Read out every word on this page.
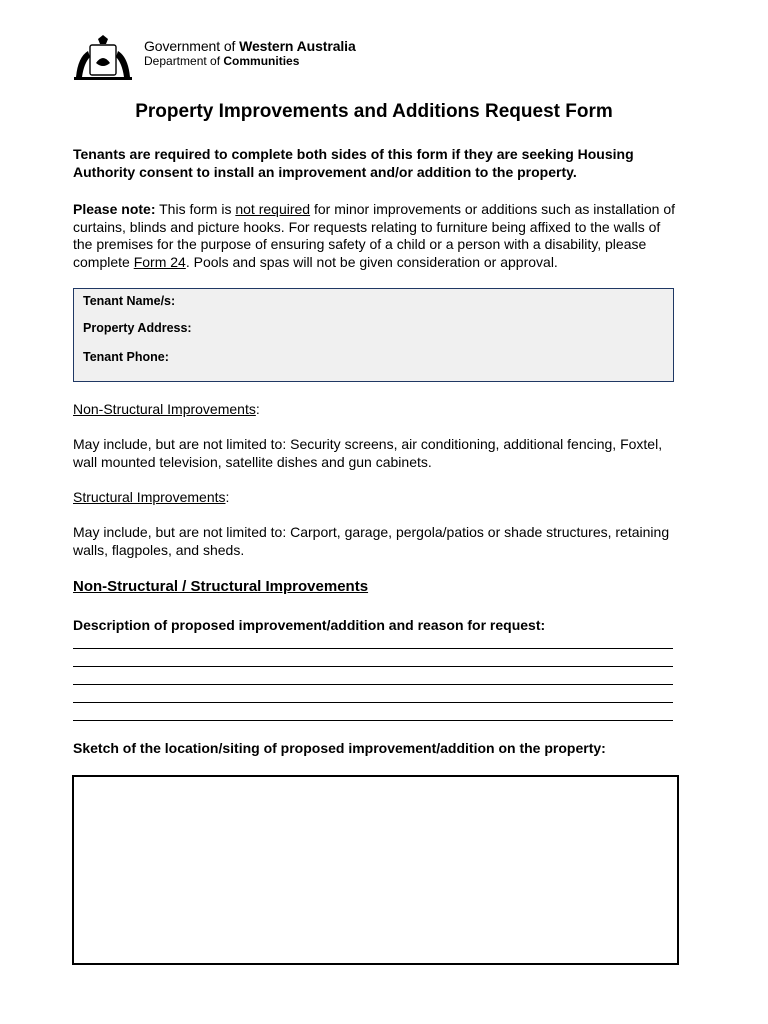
Government of Western Australia
Department of Communities
Property Improvements and Additions Request Form
Tenants are required to complete both sides of this form if they are seeking Housing Authority consent to install an improvement and/or addition to the property.
Please note: This form is not required for minor improvements or additions such as installation of curtains, blinds and picture hooks. For requests relating to furniture being affixed to the walls of the premises for the purpose of ensuring safety of a child or a person with a disability, please complete Form 24. Pools and spas will not be given consideration or approval.
Tenant Name/s:
Property Address:
Tenant Phone:
Non-Structural Improvements:
May include, but are not limited to: Security screens, air conditioning, additional fencing, Foxtel, wall mounted television, satellite dishes and gun cabinets.
Structural Improvements:
May include, but are not limited to: Carport, garage, pergola/patios or shade structures, retaining walls, flagpoles, and sheds.
Non-Structural / Structural Improvements
Description of proposed improvement/addition and reason for request:
Sketch of the location/siting of proposed improvement/addition on the property:
